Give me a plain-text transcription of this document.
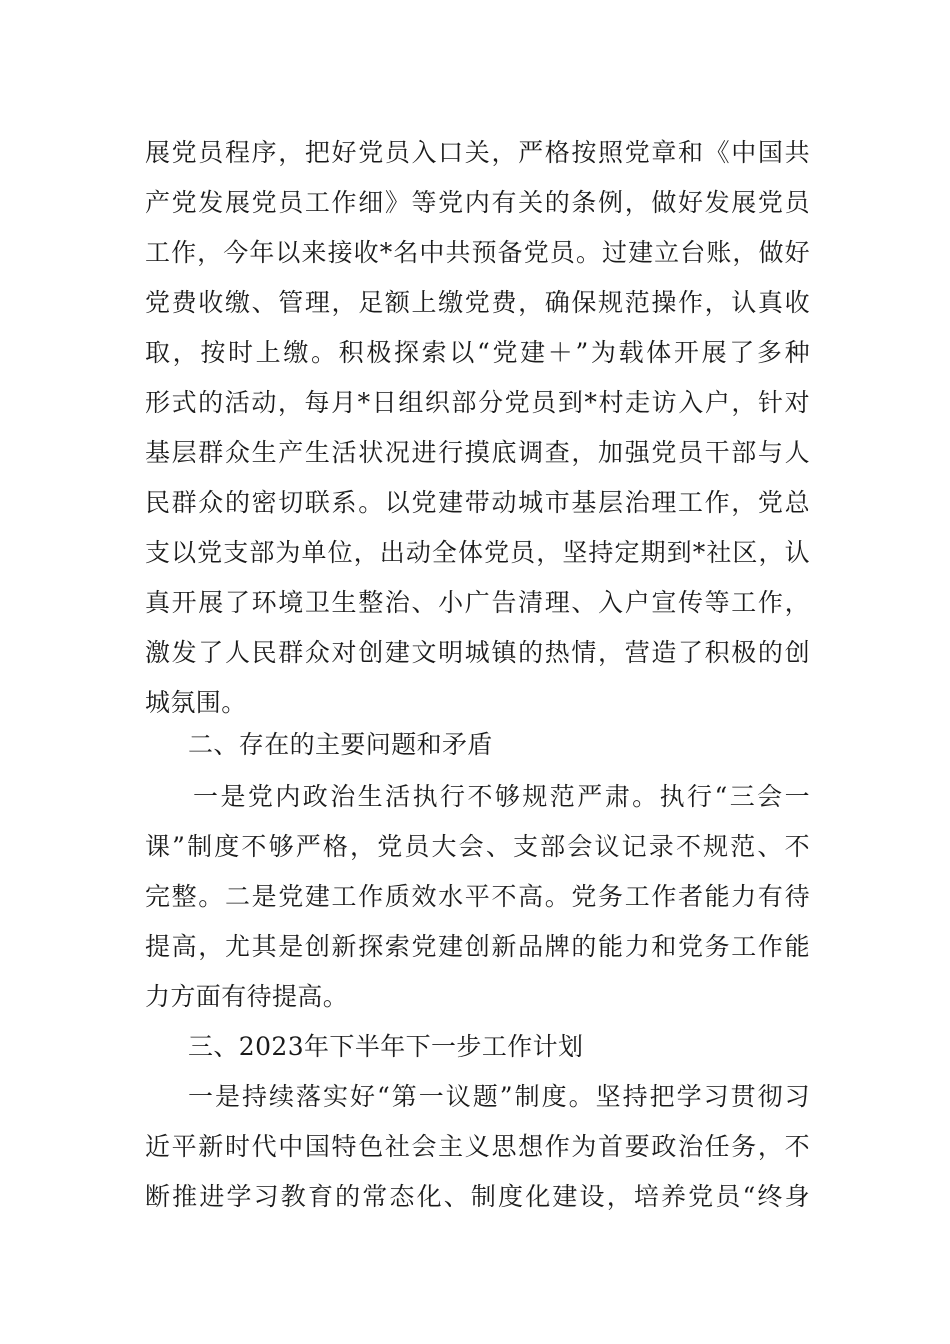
展党员程序，把好党员入口关，严格按照党章和《中国共
产党发展党员工作细》等党内有关的条例，做好发展党员
工作，今年以来接收*名中共预备党员。过建立台账，做好
党费收缴、管理，足额上缴党费，确保规范操作，认真收
取，按时上缴。积极探索以“党建＋”为载体开展了多种
形式的活动，每月*日组织部分党员到*村走访入户，针对
基层群众生产生活状况进行摸底调查，加强党员干部与人
民群众的密切联系。以党建带动城市基层治理工作，党总
支以党支部为单位，出动全体党员，坚持定期到*社区，认
真开展了环境卫生整治、小广告清理、入户宣传等工作，
激发了人民群众对创建文明城镇的热情，营造了积极的创
城氛围。
二、存在的主要问题和矛盾
一是党内政治生活执行不够规范严肃。执行“三会一
课”制度不够严格，党员大会、支部会议记录不规范、不
完整。二是党建工作质效水平不高。党务工作者能力有待
提高，尤其是创新探索党建创新品牌的能力和党务工作能
力方面有待提高。
三、2023年下半年下一步工作计划
一是持续落实好“第一议题”制度。坚持把学习贯彻习
近平新时代中国特色社会主义思想作为首要政治任务，不
断推进学习教育的常态化、制度化建设，培养党员“终身
